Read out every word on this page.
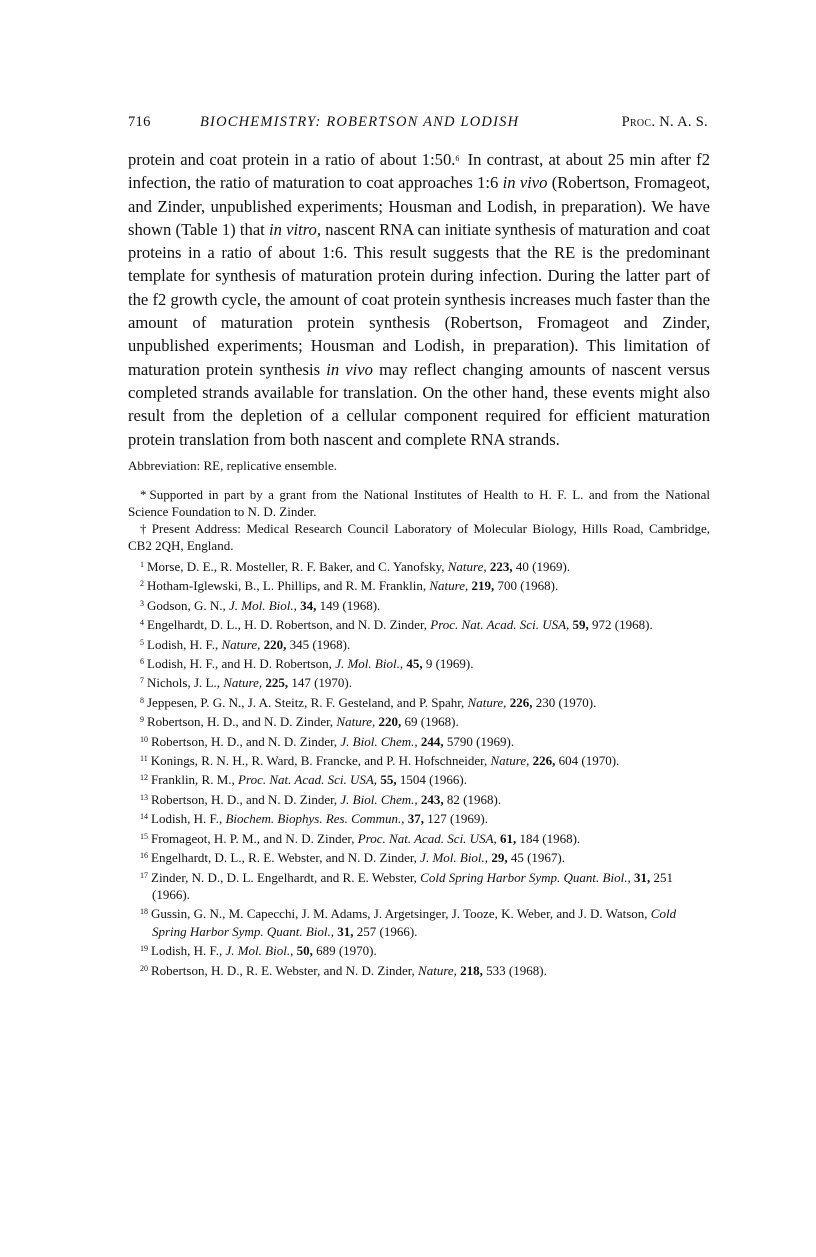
716	BIOCHEMISTRY: ROBERTSON AND LODISH	Proc. N. A. S.

protein and coat protein in a ratio of about 1:50.$^6$ In contrast, at about 25 min after f2 infection, the ratio of maturation to coat approaches 1:6 in vivo (Robertson, Fromageot, and Zinder, unpublished experiments; Housman and Lodish, in preparation). We have shown (Table 1) that in vitro, nascent RNA can initiate synthesis of maturation and coat proteins in a ratio of about 1:6. This result suggests that the RE is the predominant template for synthesis of maturation protein during infection. During the latter part of the f2 growth cycle, the amount of coat protein synthesis increases much faster than the amount of maturation protein synthesis (Robertson, Fromageot and Zinder, unpublished experiments; Housman and Lodish, in preparation). This limitation of maturation protein synthesis in vivo may reflect changing amounts of nascent versus completed strands available for translation. On the other hand, these events might also result from the depletion of a cellular component required for efficient maturation protein translation from both nascent and complete RNA strands.

Abbreviation: RE, replicative ensemble.

* Supported in part by a grant from the National Institutes of Health to H. F. L. and from the National Science Foundation to N. D. Zinder.

† Present Address: Medical Research Council Laboratory of Molecular Biology, Hills Road, Cambridge, CB2 2QH, England.

$^1$ Morse, D. E., R. Mosteller, R. F. Baker, and C. Yanofsky, Nature, 223, 40 (1969).

$^2$ Hotham-Iglewski, B., L. Phillips, and R. M. Franklin, Nature, 219, 700 (1968).

$^3$ Godson, G. N., J. Mol. Biol., 34, 149 (1968).

$^4$ Engelhardt, D. L., H. D. Robertson, and N. D. Zinder, Proc. Nat. Acad. Sci. USA, 59, 972 (1968).

$^5$ Lodish, H. F., Nature, 220, 345 (1968).

$^6$ Lodish, H. F., and H. D. Robertson, J. Mol. Biol., 45, 9 (1969).

$^7$ Nichols, J. L., Nature, 225, 147 (1970).

$^8$ Jeppesen, P. G. N., J. A. Steitz, R. F. Gesteland, and P. Spahr, Nature, 226, 230 (1970).

$^9$ Robertson, H. D., and N. D. Zinder, Nature, 220, 69 (1968).

$^{10}$ Robertson, H. D., and N. D. Zinder, J. Biol. Chem., 244, 5790 (1969).

$^{11}$ Konings, R. N. H., R. Ward, B. Francke, and P. H. Hofschneider, Nature, 226, 604 (1970).

$^{12}$ Franklin, R. M., Proc. Nat. Acad. Sci. USA, 55, 1504 (1966).

$^{13}$ Robertson, H. D., and N. D. Zinder, J. Biol. Chem., 243, 82 (1968).

$^{14}$ Lodish, H. F., Biochem. Biophys. Res. Commun., 37, 127 (1969).

$^{15}$ Fromageot, H. P. M., and N. D. Zinder, Proc. Nat. Acad. Sci. USA, 61, 184 (1968).

$^{16}$ Engelhardt, D. L., R. E. Webster, and N. D. Zinder, J. Mol. Biol., 29, 45 (1967).

$^{17}$ Zinder, N. D., D. L. Engelhardt, and R. E. Webster, Cold Spring Harbor Symp. Quant. Biol., 31, 251 (1966).

$^{18}$ Gussin, G. N., M. Capecchi, J. M. Adams, J. Argetsinger, J. Tooze, K. Weber, and J. D. Watson, Cold Spring Harbor Symp. Quant. Biol., 31, 257 (1966).

$^{19}$ Lodish, H. F., J. Mol. Biol., 50, 689 (1970).

$^{20}$ Robertson, H. D., R. E. Webster, and N. D. Zinder, Nature, 218, 533 (1968).
